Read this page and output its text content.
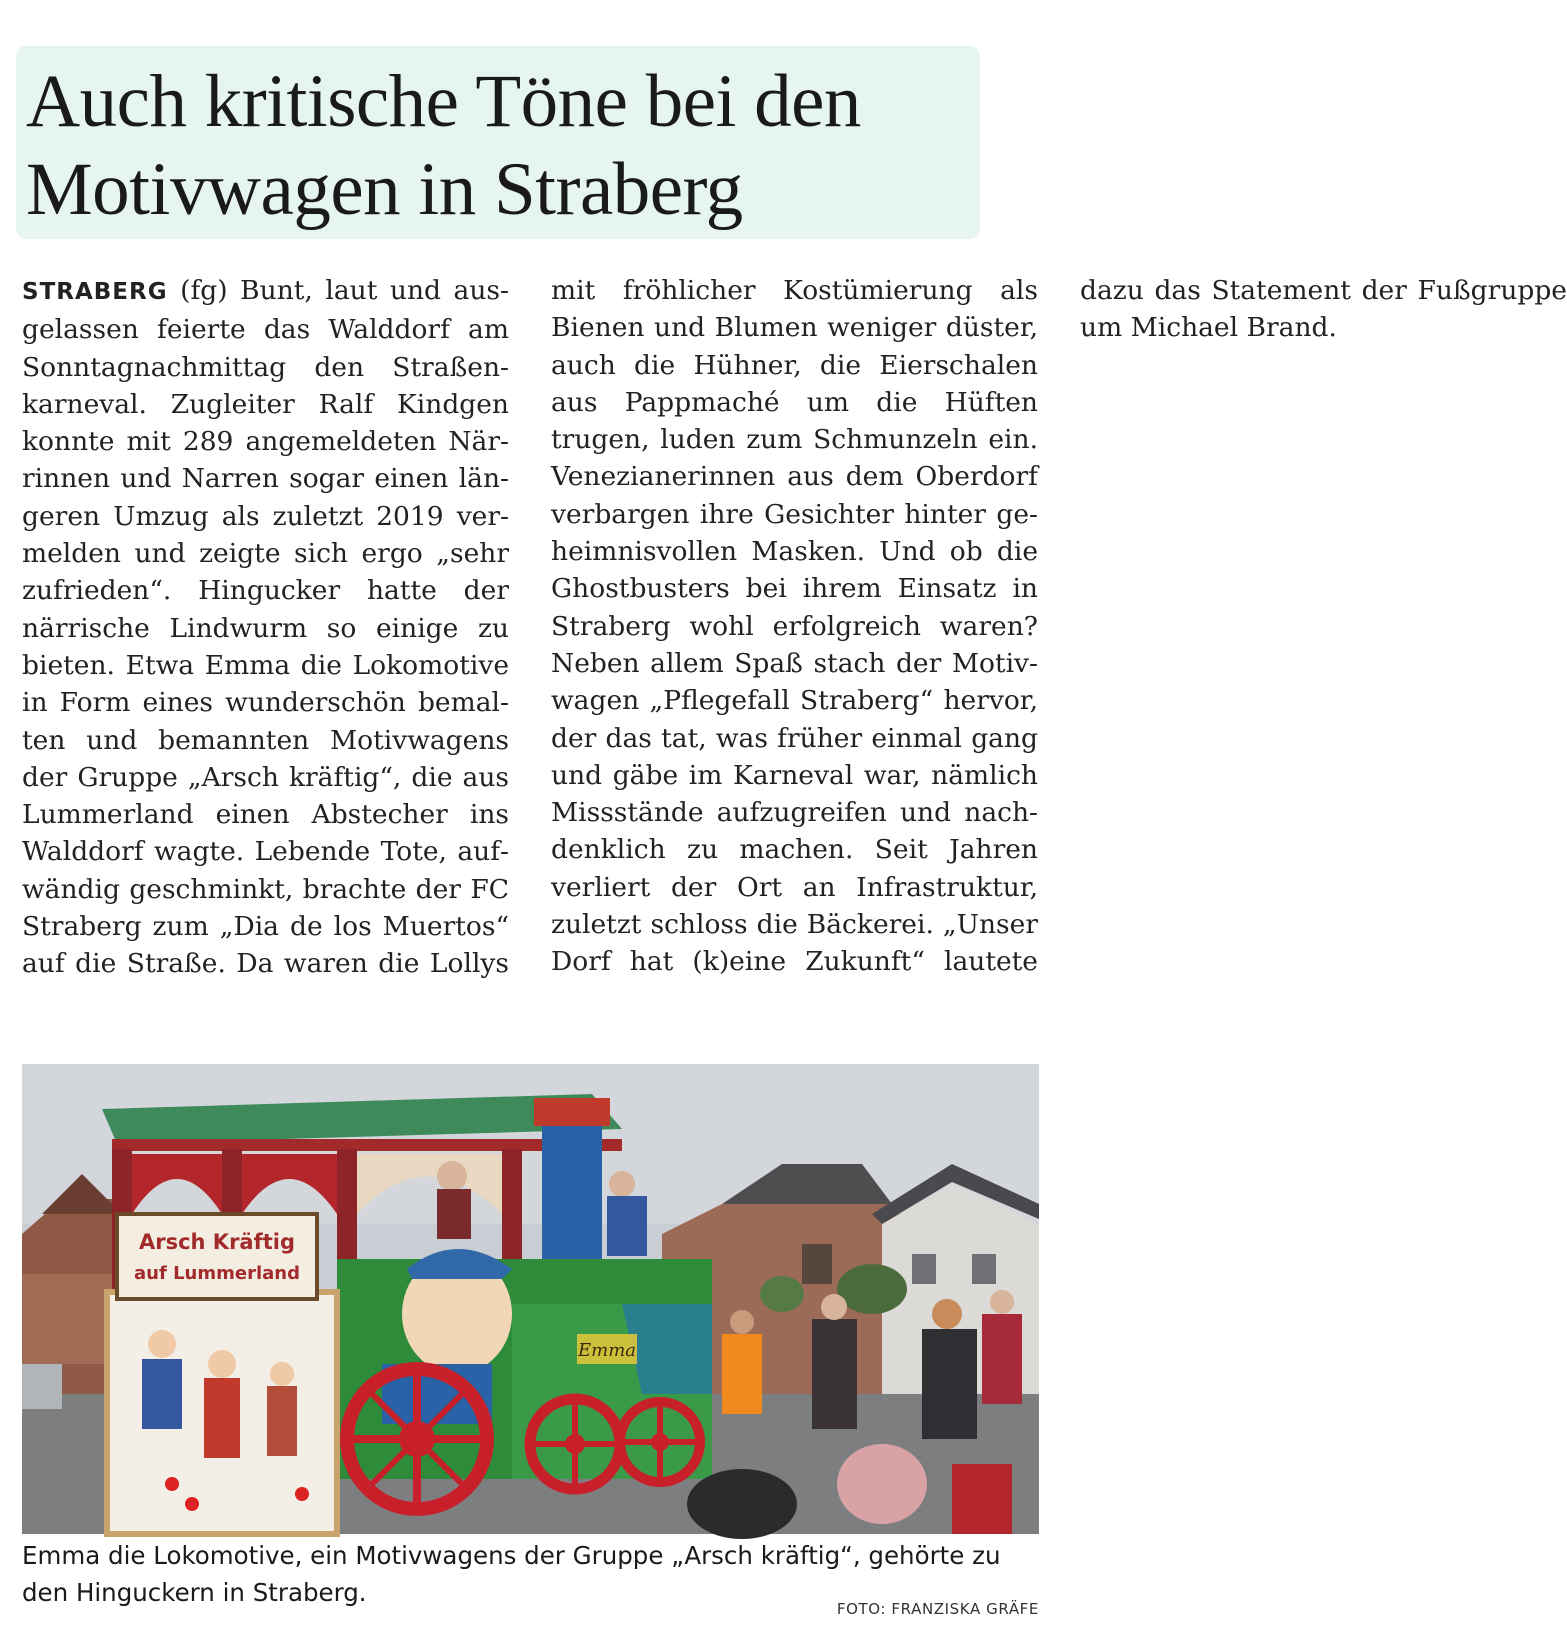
Auch kritische Töne bei den Motivwagen in Straberg

STRABERG (fg) Bunt, laut und ausgelassen feierte das Walddorf am Sonntagnachmittag den Straßenkarneval. Zugleiter Ralf Kindgen konnte mit 289 angemeldeten Närrinnen und Narren sogar einen längeren Umzug als zuletzt 2019 vermelden und zeigte sich ergo „sehr zufrieden“. Hingucker hatte der närrische Lindwurm so einige zu bieten. Etwa Emma die Lokomotive in Form eines wunderschön bemalten und bemannten Motivwagens der Gruppe „Arsch kräftig“, die aus Lummerland einen Abstecher ins Walddorf wagte. Lebende Tote, aufwändig geschminkt, brachte der FC Straberg zum „Dia de los Muertos“ auf die Straße. Da waren die Lollys mit fröhlicher Kostümierung als Bienen und Blumen weniger düster, auch die Hühner, die Eierschalen aus Pappmaché um die Hüften trugen, luden zum Schmunzeln ein. Venezianerinnen aus dem Oberdorf verbargen ihre Gesichter hinter geheimnisvollen Masken. Und ob die Ghostbusters bei ihrem Einsatz in Straberg wohl erfolgreich waren? Neben allem Spaß stach der Motivwagen „Pflegefall Straberg“ hervor, der das tat, was früher einmal gang und gäbe im Karneval war, nämlich Missstände aufzugreifen und nachdenklich zu machen. Seit Jahren verliert der Ort an Infrastruktur, zuletzt schloss die Bäckerei. „Unser Dorf hat (k)eine Zukunft“ lautete dazu das Statement der Fußgruppe um Michael Brand.

Emma
Arsch Kräftig
auf Lummerland

Emma die Lokomotive, ein Motivwagens der Gruppe „Arsch kräftig“, gehörte zu den Hinguckern in Straberg.

FOTO: FRANZISKA GRÄFE
